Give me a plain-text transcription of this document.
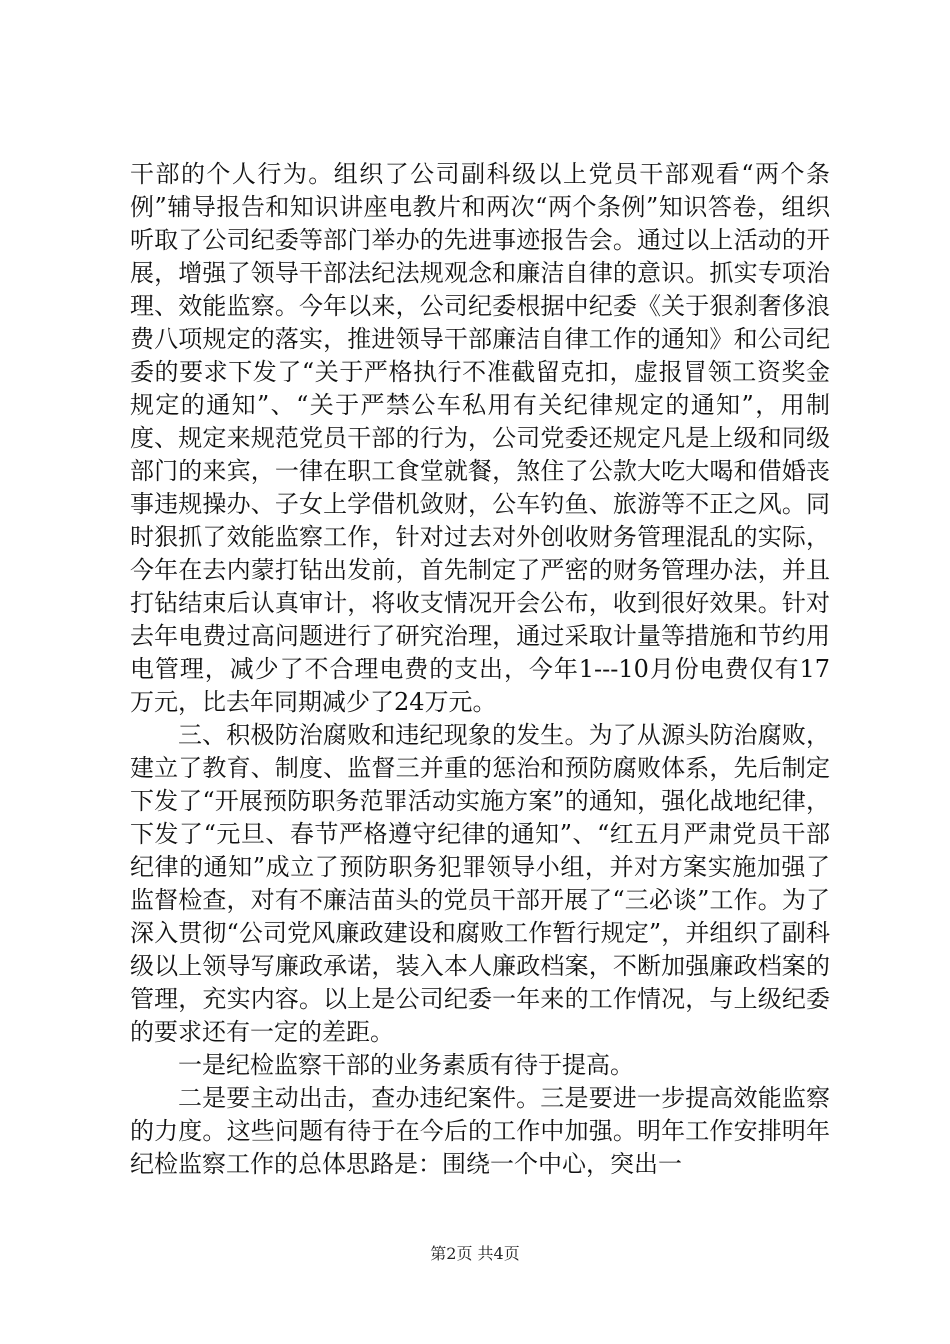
干部的个人行为。组织了公司副科级以上党员干部观看“两个条例”辅导报告和知识讲座电教片和两次“两个条例”知识答卷，组织听取了公司纪委等部门举办的先进事迹报告会。通过以上活动的开展，增强了领导干部法纪法规观念和廉洁自律的意识。抓实专项治理、效能监察。今年以来，公司纪委根据中纪委《关于狠刹奢侈浪费八项规定的落实，推进领导干部廉洁自律工作的通知》和公司纪委的要求下发了“关于严格执行不准截留克扣，虚报冒领工资奖金规定的通知”、“关于严禁公车私用有关纪律规定的通知”，用制度、规定来规范党员干部的行为，公司党委还规定凡是上级和同级部门的来宾，一律在职工食堂就餐，煞住了公款大吃大喝和借婚丧事违规操办、子女上学借机敛财，公车钓鱼、旅游等不正之风。同时狠抓了效能监察工作，针对过去对外创收财务管理混乱的实际，今年在去内蒙打钻出发前，首先制定了严密的财务管理办法，并且打钻结束后认真审计，将收支情况开会公布，收到很好效果。针对去年电费过高问题进行了研究治理，通过采取计量等措施和节约用电管理，减少了不合理电费的支出，今年1---10月份电费仅有17万元，比去年同期减少了24万元。

三、积极防治腐败和违纪现象的发生。为了从源头防治腐败，建立了教育、制度、监督三并重的惩治和预防腐败体系，先后制定下发了“开展预防职务范罪活动实施方案”的通知，强化战地纪律，下发了“元旦、春节严格遵守纪律的通知”、“红五月严肃党员干部纪律的通知”成立了预防职务犯罪领导小组，并对方案实施加强了监督检查，对有不廉洁苗头的党员干部开展了“三必谈”工作。为了深入贯彻“公司党风廉政建设和腐败工作暂行规定”，并组织了副科级以上领导写廉政承诺，装入本人廉政档案，不断加强廉政档案的管理，充实内容。以上是公司纪委一年来的工作情况，与上级纪委的要求还有一定的差距。

一是纪检监察干部的业务素质有待于提高。

二是要主动出击，查办违纪案件。三是要进一步提高效能监察的力度。这些问题有待于在今后的工作中加强。明年工作安排明年纪检监察工作的总体思路是：围绕一个中心，突出一

第2页 共4页
